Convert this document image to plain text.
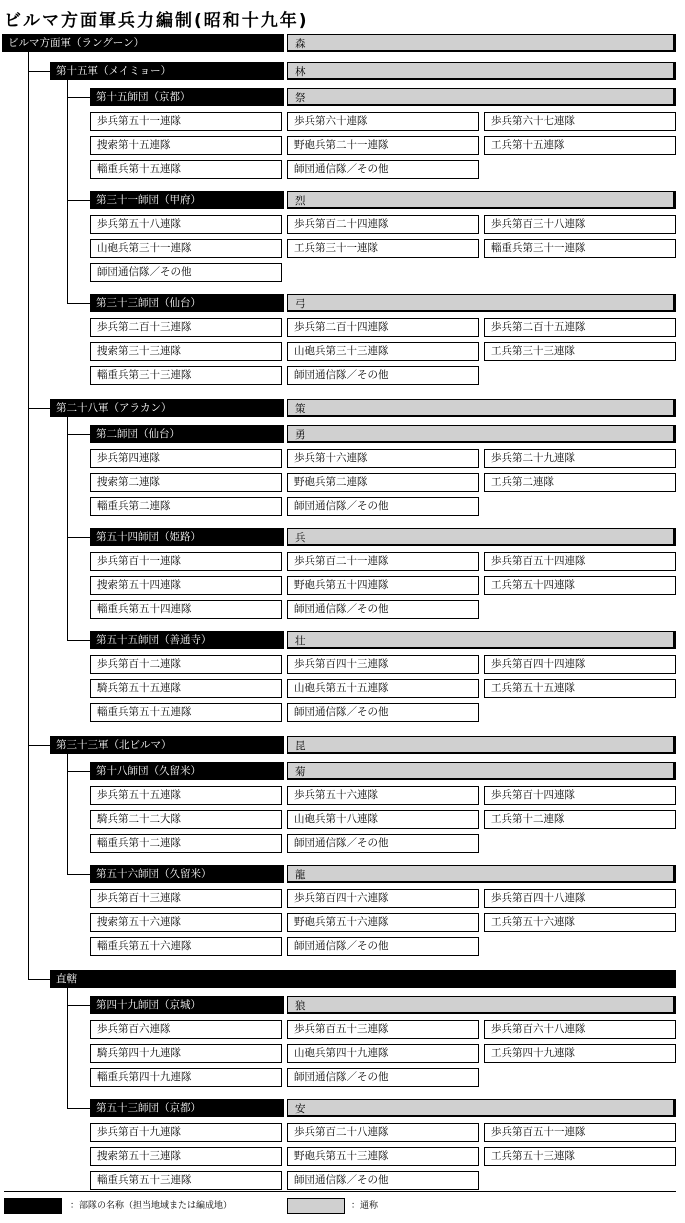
ビルマ方面軍兵力編制(昭和十九年)
ビルマ方面軍（ラングーン）	森
第十五軍（メイミョー）	林
第十五師団（京都）	祭
歩兵第五十一連隊	歩兵第六十連隊	歩兵第六十七連隊
捜索第十五連隊	野砲兵第二十一連隊	工兵第十五連隊
輜重兵第十五連隊	師団通信隊／その他
第三十一師団（甲府）	烈
歩兵第五十八連隊	歩兵第百二十四連隊	歩兵第百三十八連隊
山砲兵第三十一連隊	工兵第三十一連隊	輜重兵第三十一連隊
師団通信隊／その他
第三十三師団（仙台）	弓
歩兵第二百十三連隊	歩兵第二百十四連隊	歩兵第二百十五連隊
捜索第三十三連隊	山砲兵第三十三連隊	工兵第三十三連隊
輜重兵第三十三連隊	師団通信隊／その他
第二十八軍（アラカン）	策
第二師団（仙台）	勇
歩兵第四連隊	歩兵第十六連隊	歩兵第二十九連隊
捜索第二連隊	野砲兵第二連隊	工兵第二連隊
輜重兵第二連隊	師団通信隊／その他
第五十四師団（姫路）	兵
歩兵第百十一連隊	歩兵第百二十一連隊	歩兵第百五十四連隊
捜索第五十四連隊	野砲兵第五十四連隊	工兵第五十四連隊
輜重兵第五十四連隊	師団通信隊／その他
第五十五師団（善通寺）	壮
歩兵第百十二連隊	歩兵第百四十三連隊	歩兵第百四十四連隊
騎兵第五十五連隊	山砲兵第五十五連隊	工兵第五十五連隊
輜重兵第五十五連隊	師団通信隊／その他
第三十三軍（北ビルマ）	昆
第十八師団（久留米）	菊
歩兵第五十五連隊	歩兵第五十六連隊	歩兵第百十四連隊
騎兵第二十二大隊	山砲兵第十八連隊	工兵第十二連隊
輜重兵第十二連隊	師団通信隊／その他
第五十六師団（久留米）	龍
歩兵第百十三連隊	歩兵第百四十六連隊	歩兵第百四十八連隊
捜索第五十六連隊	野砲兵第五十六連隊	工兵第五十六連隊
輜重兵第五十六連隊	師団通信隊／その他
直轄
第四十九師団（京城）	狼
歩兵第百六連隊	歩兵第百五十三連隊	歩兵第百六十八連隊
騎兵第四十九連隊	山砲兵第四十九連隊	工兵第四十九連隊
輜重兵第四十九連隊	師団通信隊／その他
第五十三師団（京都）	安
歩兵第百十九連隊	歩兵第百二十八連隊	歩兵第百五十一連隊
捜索第五十三連隊	野砲兵第五十三連隊	工兵第五十三連隊
輜重兵第五十三連隊	師団通信隊／その他
：部隊の名称（担当地域または編成地）	：通称
